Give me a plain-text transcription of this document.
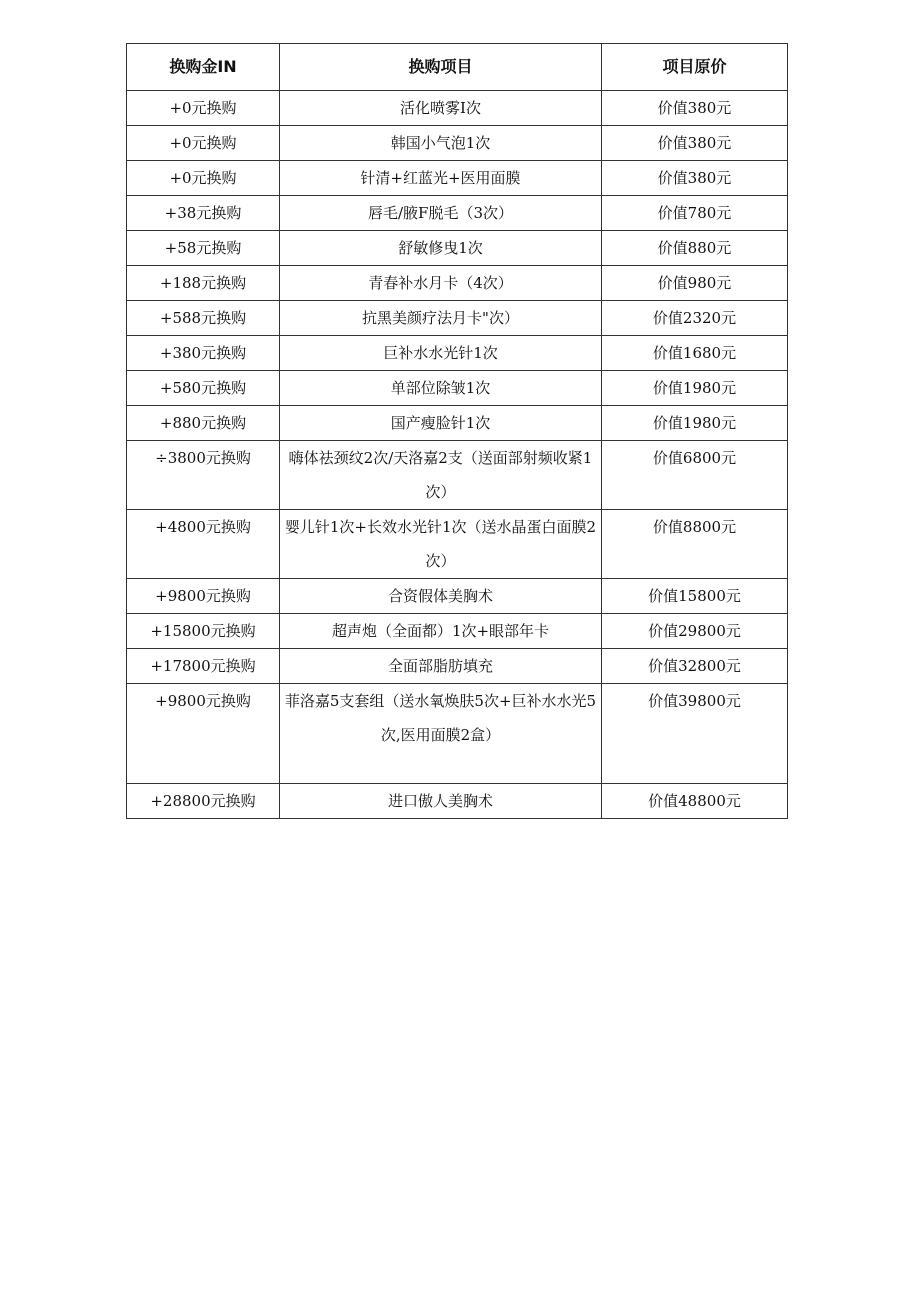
换购金IN	换购项目	项目原价
+0元换购	活化喷雾I次	价值380元
+0元换购	韩国小气泡1次	价值380元
+0元换购	针清+红蓝光+医用面膜	价值380元
+38元换购	唇毛/腋F脱毛（3次）	价值780元
+58元换购	舒敏修曳1次	价值880元
+188元换购	青春补水月卡（4次）	价值980元
+588元换购	抗黑美颜疗法月卡"次）	价值2320元
+380元换购	巨补水水光针1次	价值1680元
+580元换购	单部位除皱1次	价值1980元
+880元换购	国产瘦脸针1次	价值1980元
÷3800元换购	嗨体祛颈纹2次/天洛嘉2支（送面部射频收紧1次）	价值6800元
+4800元换购	婴儿针1次+长效水光针1次（送水晶蛋白面膜2次）	价值8800元
+9800元换购	合资假体美胸术	价值15800元
+15800元换购	超声炮（全面都）1次+眼部年卡	价值29800元
+17800元换购	全面部脂肪填充	价值32800元
+9800元换购	菲洛嘉5支套组（送水氧焕肤5次+巨补水水光5次,医用面膜2盒）	价值39800元
+28800元换购	进口傲人美胸术	价值48800元
